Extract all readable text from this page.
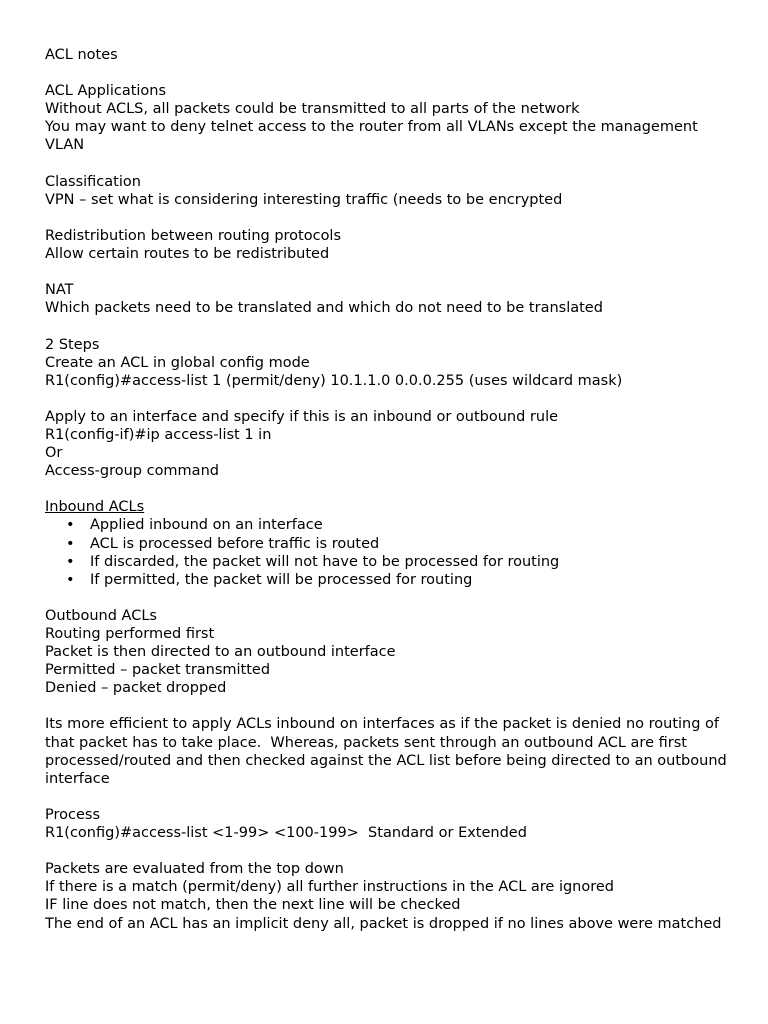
ACL notes
ACL Applications
Without ACLS, all packets could be transmitted to all parts of the network
You may want to deny telnet access to the router from all VLANs except the management VLAN
Classification
VPN – set what is considering interesting traffic (needs to be encrypted
Redistribution between routing protocols
Allow certain routes to be redistributed
NAT
Which packets need to be translated and which do not need to be translated
2 Steps
Create an ACL in global config mode
R1(config)#access-list 1 (permit/deny) 10.1.1.0 0.0.0.255 (uses wildcard mask)
Apply to an interface and specify if this is an inbound or outbound rule
R1(config-if)#ip access-list 1 in
Or
Access-group command
Inbound ACLs
• Applied inbound on an interface
• ACL is processed before traffic is routed
• If discarded, the packet will not have to be processed for routing
• If permitted, the packet will be processed for routing
Outbound ACLs
Routing performed first
Packet is then directed to an outbound interface
Permitted – packet transmitted
Denied – packet dropped
Its more efficient to apply ACLs inbound on interfaces as if the packet is denied no routing of that packet has to take place.  Whereas, packets sent through an outbound ACL are first processed/routed and then checked against the ACL list before being directed to an outbound interface
Process
R1(config)#access-list <1-99> <100-199>  Standard or Extended
Packets are evaluated from the top down
If there is a match (permit/deny) all further instructions in the ACL are ignored
IF line does not match, then the next line will be checked
The end of an ACL has an implicit deny all, packet is dropped if no lines above were matched
